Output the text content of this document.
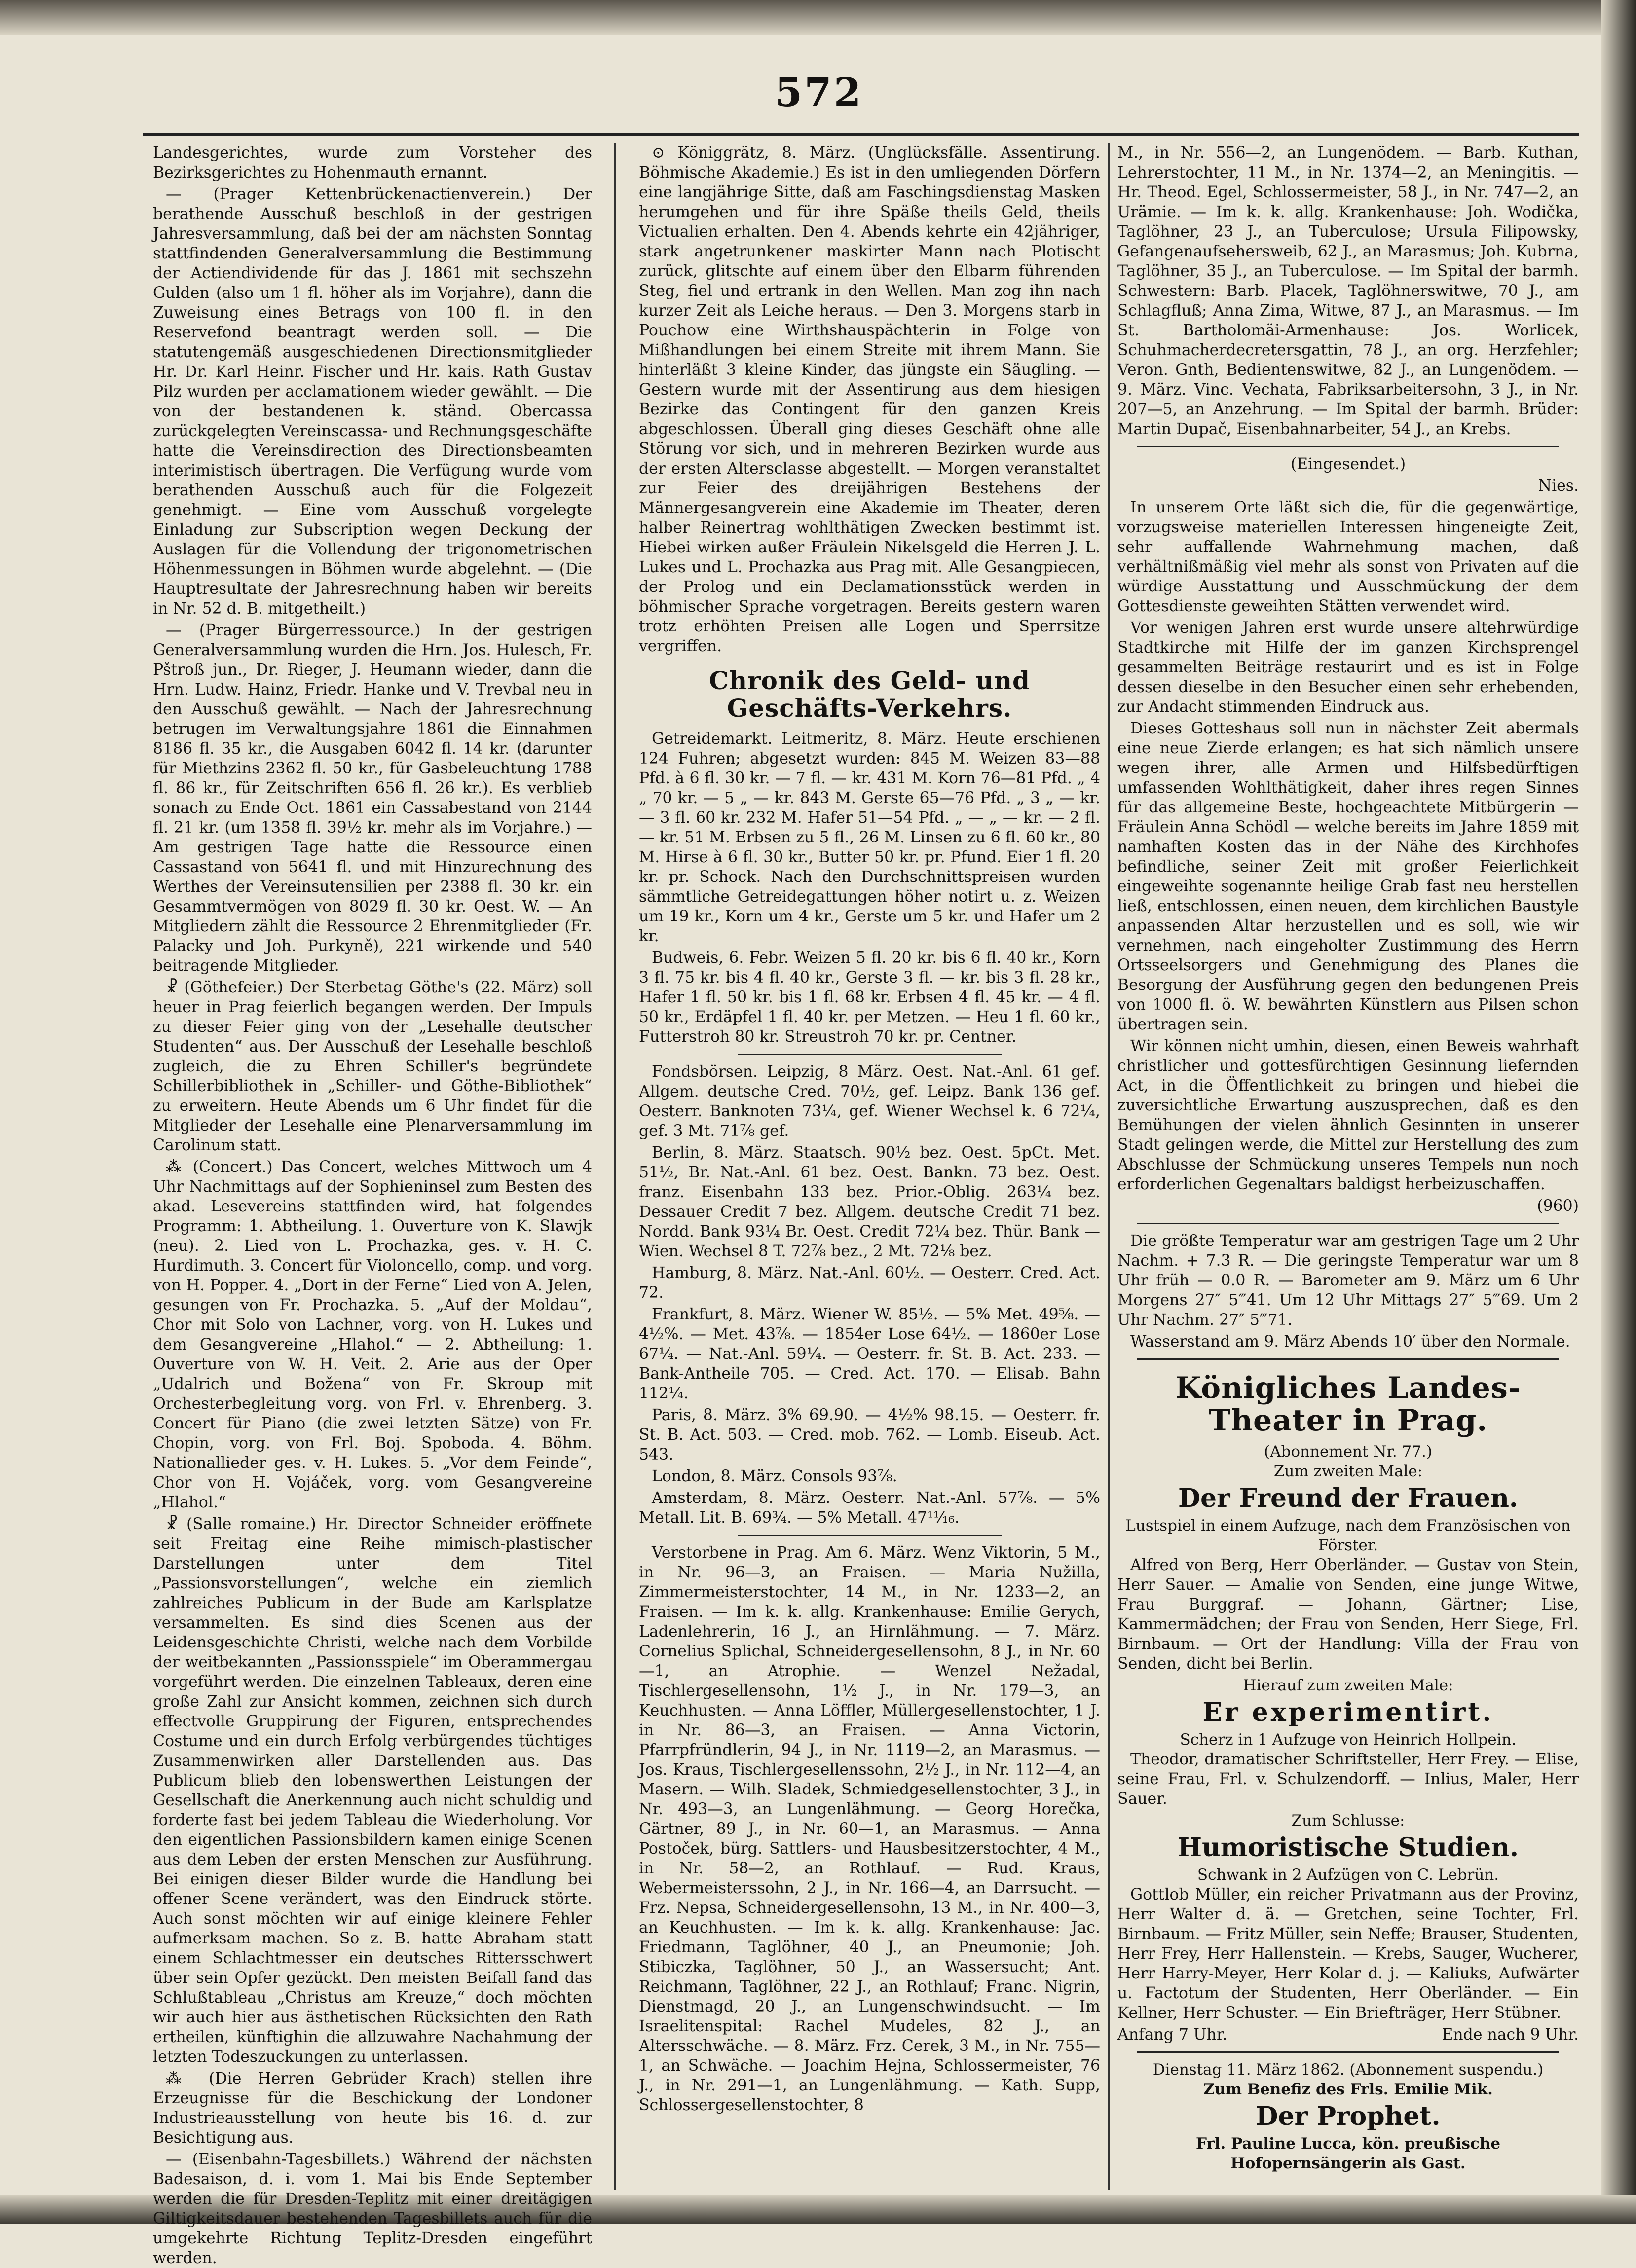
572

Landesgerichtes, wurde zum Vorsteher des Bezirksgerichtes zu Hohenmauth ernannt.

— (Prager Kettenbrückenactienverein.) Der berathende Ausschuß beschloß in der gestrigen Jahresversammlung, daß bei der am nächsten Sonntag stattfindenden Generalversammlung die Bestimmung der Actiendividende für das J. 1861 mit sechszehn Gulden (also um 1 fl. höher als im Vorjahre), dann die Zuweisung eines Betrags von 100 fl. in den Reservefond beantragt werden soll. — Die statutengemäß ausgeschiedenen Directionsmitglieder Hr. Dr. Karl Heinr. Fischer und Hr. kais. Rath Gustav Pilz wurden per acclamationem wieder gewählt. — Die von der bestandenen k. ständ. Obercassa zurückgelegten Vereinscassa- und Rechnungsgeschäfte hatte die Vereinsdirection des Directionsbeamten interimistisch übertragen. Die Verfügung wurde vom berathenden Ausschuß auch für die Folgezeit genehmigt. — Eine vom Ausschuß vorgelegte Einladung zur Subscription wegen Deckung der Auslagen für die Vollendung der trigonometrischen Höhenmessungen in Böhmen wurde abgelehnt. — (Die Hauptresultate der Jahresrechnung haben wir bereits in Nr. 52 d. B. mitgetheilt.)

— (Prager Bürgerressource.) In der gestrigen Generalversammlung wurden die Hrn. Jos. Hulesch, Fr. Pštroß jun., Dr. Rieger, J. Heumann wieder, dann die Hrn. Ludw. Hainz, Friedr. Hanke und V. Trevbal neu in den Ausschuß gewählt. — Nach der Jahresrechnung betrugen im Verwaltungsjahre 1861 die Einnahmen 8186 fl. 35 kr., die Ausgaben 6042 fl. 14 kr. (darunter für Miethzins 2362 fl. 50 kr., für Gasbeleuchtung 1788 fl. 86 kr., für Zeitschriften 656 fl. 26 kr.). Es verblieb sonach zu Ende Oct. 1861 ein Cassabestand von 2144 fl. 21 kr. (um 1358 fl. 39½ kr. mehr als im Vorjahre.) — Am gestrigen Tage hatte die Ressource einen Cassastand von 5641 fl. und mit Hinzurechnung des Werthes der Vereinsutensilien per 2388 fl. 30 kr. ein Gesammtvermögen von 8029 fl. 30 kr. Oest. W. — An Mitgliedern zählt die Ressource 2 Ehrenmitglieder (Fr. Palacky und Joh. Purkyně), 221 wirkende und 540 beitragende Mitglieder.

☧ (Göthefeier.) Der Sterbetag Göthe's (22. März) soll heuer in Prag feierlich begangen werden. Der Impuls zu dieser Feier ging von der „Lesehalle deutscher Studenten“ aus. Der Ausschuß der Lesehalle beschloß zugleich, die zu Ehren Schiller's begründete Schillerbibliothek in „Schiller- und Göthe-Bibliothek“ zu erweitern. Heute Abends um 6 Uhr findet für die Mitglieder der Lesehalle eine Plenarversammlung im Carolinum statt.

⁂ (Concert.) Das Concert, welches Mittwoch um 4 Uhr Nachmittags auf der Sophieninsel zum Besten des akad. Lesevereins stattfinden wird, hat folgendes Programm: 1. Abtheilung. 1. Ouverture von K. Slawjk (neu). 2. Lied von L. Prochazka, ges. v. H. C. Hurdimuth. 3. Concert für Violoncello, comp. und vorg. von H. Popper. 4. „Dort in der Ferne“ Lied von A. Jelen, gesungen von Fr. Prochazka. 5. „Auf der Moldau“, Chor mit Solo von Lachner, vorg. von H. Lukes und dem Gesangvereine „Hlahol.“ — 2. Abtheilung: 1. Ouverture von W. H. Veit. 2. Arie aus der Oper „Udalrich und Božena“ von Fr. Skroup mit Orchesterbegleitung vorg. von Frl. v. Ehrenberg. 3. Concert für Piano (die zwei letzten Sätze) von Fr. Chopin, vorg. von Frl. Boj. Spoboda. 4. Böhm. Nationallieder ges. v. H. Lukes. 5. „Vor dem Feinde“, Chor von H. Vojáček, vorg. vom Gesangvereine „Hlahol.“

☧ (Salle romaine.) Hr. Director Schneider eröffnete seit Freitag eine Reihe mimisch-plastischer Darstellungen unter dem Titel „Passionsvorstellungen“, welche ein ziemlich zahlreiches Publicum in der Bude am Karlsplatze versammelten. Es sind dies Scenen aus der Leidensgeschichte Christi, welche nach dem Vorbilde der weitbekannten „Passionsspiele“ im Oberammergau vorgeführt werden. Die einzelnen Tableaux, deren eine große Zahl zur Ansicht kommen, zeichnen sich durch effectvolle Gruppirung der Figuren, entsprechendes Costume und ein durch Erfolg verbürgendes tüchtiges Zusammenwirken aller Darstellenden aus. Das Publicum blieb den lobenswerthen Leistungen der Gesellschaft die Anerkennung auch nicht schuldig und forderte fast bei jedem Tableau die Wiederholung. Vor den eigentlichen Passionsbildern kamen einige Scenen aus dem Leben der ersten Menschen zur Ausführung. Bei einigen dieser Bilder wurde die Handlung bei offener Scene verändert, was den Eindruck störte. Auch sonst möchten wir auf einige kleinere Fehler aufmerksam machen. So z. B. hatte Abraham statt einem Schlachtmesser ein deutsches Rittersschwert über sein Opfer gezückt. Den meisten Beifall fand das Schlußtableau „Christus am Kreuze,“ doch möchten wir auch hier aus ästhetischen Rücksichten den Rath ertheilen, künftighin die allzuwahre Nachahmung der letzten Todeszuckungen zu unterlassen.

⁂ (Die Herren Gebrüder Krach) stellen ihre Erzeugnisse für die Beschickung der Londoner Industrieausstellung von heute bis 16. d. zur Besichtigung aus.

— (Eisenbahn-Tagesbillets.) Während der nächsten Badesaison, d. i. vom 1. Mai bis Ende September werden die für Dresden-Teplitz mit einer dreitägigen Giltigkeitsdauer bestehenden Tagesbillets auch für die umgekehrte Richtung Teplitz-Dresden eingeführt werden.

⊙ Königgrätz, 8. März. (Unglücksfälle. Assentirung. Böhmische Akademie.) Es ist in den umliegenden Dörfern eine langjährige Sitte, daß am Faschingsdienstag Masken herumgehen und für ihre Späße theils Geld, theils Victualien erhalten. Den 4. Abends kehrte ein 42jähriger, stark angetrunkener maskirter Mann nach Plotischt zurück, glitschte auf einem über den Elbarm führenden Steg, fiel und ertrank in den Wellen. Man zog ihn nach kurzer Zeit als Leiche heraus. — Den 3. Morgens starb in Pouchow eine Wirthshauspächterin in Folge von Mißhandlungen bei einem Streite mit ihrem Mann. Sie hinterläßt 3 kleine Kinder, das jüngste ein Säugling. — Gestern wurde mit der Assentirung aus dem hiesigen Bezirke das Contingent für den ganzen Kreis abgeschlossen. Überall ging dieses Geschäft ohne alle Störung vor sich, und in mehreren Bezirken wurde aus der ersten Altersclasse abgestellt. — Morgen veranstaltet zur Feier des dreijährigen Bestehens der Männergesangverein eine Akademie im Theater, deren halber Reinertrag wohlthätigen Zwecken bestimmt ist. Hiebei wirken außer Fräulein Nikelsgeld die Herren J. L. Lukes und L. Prochazka aus Prag mit. Alle Gesangpiecen, der Prolog und ein Declamationsstück werden in böhmischer Sprache vorgetragen. Bereits gestern waren trotz erhöhten Preisen alle Logen und Sperrsitze vergriffen.

Chronik des Geld- und Geschäfts-Verkehrs.

Getreidemarkt. Leitmeritz, 8. März. Heute erschienen 124 Fuhren; abgesetzt wurden: 845 M. Weizen 83—88 Pfd. à 6 fl. 30 kr. — 7 fl. — kr. 431 M. Korn 76—81 Pfd. „ 4 „ 70 kr. — 5 „ — kr. 843 M. Gerste 65—76 Pfd. „ 3 „ — kr. — 3 fl. 60 kr. 232 M. Hafer 51—54 Pfd. „ — „ — kr. — 2 fl. — kr. 51 M. Erbsen zu 5 fl., 26 M. Linsen zu 6 fl. 60 kr., 80 M. Hirse à 6 fl. 30 kr., Butter 50 kr. pr. Pfund. Eier 1 fl. 20 kr. pr. Schock. Nach den Durchschnittspreisen wurden sämmtliche Getreidegattungen höher notirt u. z. Weizen um 19 kr., Korn um 4 kr., Gerste um 5 kr. und Hafer um 2 kr.

Budweis, 6. Febr. Weizen 5 fl. 20 kr. bis 6 fl. 40 kr., Korn 3 fl. 75 kr. bis 4 fl. 40 kr., Gerste 3 fl. — kr. bis 3 fl. 28 kr., Hafer 1 fl. 50 kr. bis 1 fl. 68 kr. Erbsen 4 fl. 45 kr. — 4 fl. 50 kr., Erdäpfel 1 fl. 40 kr. per Metzen. — Heu 1 fl. 60 kr., Futterstroh 80 kr. Streustroh 70 kr. pr. Centner.

Fondsbörsen. Leipzig, 8 März. Oest. Nat.-Anl. 61 gef. Allgem. deutsche Cred. 70½, gef. Leipz. Bank 136 gef. Oesterr. Banknoten 73¼, gef. Wiener Wechsel k. 6 72¼, gef. 3 Mt. 71⅞ gef.

Berlin, 8. März. Staatsch. 90½ bez. Oest. 5pCt. Met. 51½, Br. Nat.-Anl. 61 bez. Oest. Bankn. 73 bez. Oest. franz. Eisenbahn 133 bez. Prior.-Oblig. 263¼ bez. Dessauer Credit 7 bez. Allgem. deutsche Credit 71 bez. Nordd. Bank 93¼ Br. Oest. Credit 72¼ bez. Thür. Bank — Wien. Wechsel 8 T. 72⅞ bez., 2 Mt. 72⅛ bez.

Hamburg, 8. März. Nat.-Anl. 60½. — Oesterr. Cred. Act. 72.

Frankfurt, 8. März. Wiener W. 85½. — 5% Met. 49⅝. — 4½%. — Met. 43⅞. — 1854er Lose 64½. — 1860er Lose 67¼. — Nat.-Anl. 59¼. — Oesterr. fr. St. B. Act. 233. — Bank-Antheile 705. — Cred. Act. 170. — Elisab. Bahn 112¼.

Paris, 8. März. 3% 69.90. — 4½% 98.15. — Oesterr. fr. St. B. Act. 503. — Cred. mob. 762. — Lomb. Eiseub. Act. 543.

London, 8. März. Consols 93⅞.

Amsterdam, 8. März. Oesterr. Nat.-Anl. 57⅞. — 5% Metall. Lit. B. 69¾. — 5% Metall. 47¹¹⁄₁₆.

Verstorbene in Prag. Am 6. März. Wenz Viktorin, 5 M., in Nr. 96—3, an Fraisen. — Maria Nužilla, Zimmermeisterstochter, 14 M., in Nr. 1233—2, an Fraisen. — Im k. k. allg. Krankenhause: Emilie Gerych, Ladenlehrerin, 16 J., an Hirnlähmung. — 7. März. Cornelius Splichal, Schneidergesellensohn, 8 J., in Nr. 60—1, an Atrophie. — Wenzel Nežadal, Tischlergesellensohn, 1½ J., in Nr. 179—3, an Keuchhusten. — Anna Löffler, Müllergesellenstochter, 1 J. in Nr. 86—3, an Fraisen. — Anna Victorin, Pfarrpfründlerin, 94 J., in Nr. 1119—2, an Marasmus. — Jos. Kraus, Tischlergesellenssohn, 2½ J., in Nr. 112—4, an Masern. — Wilh. Sladek, Schmiedgesellenstochter, 3 J., in Nr. 493—3, an Lungenlähmung. — Georg Horečka, Gärtner, 89 J., in Nr. 60—1, an Marasmus. — Anna Postoček, bürg. Sattlers- und Hausbesitzerstochter, 4 M., in Nr. 58—2, an Rothlauf. — Rud. Kraus, Webermeisterssohn, 2 J., in Nr. 166—4, an Darrsucht. — Frz. Nepsa, Schneidergesellensohn, 13 M., in Nr. 400—3, an Keuchhusten. — Im k. k. allg. Krankenhause: Jac. Friedmann, Taglöhner, 40 J., an Pneumonie; Joh. Stibiczka, Taglöhner, 50 J., an Wassersucht; Ant. Reichmann, Taglöhner, 22 J., an Rothlauf; Franc. Nigrin, Dienstmagd, 20 J., an Lungenschwindsucht. — Im Israelitenspital: Rachel Mudeles, 82 J., an Altersschwäche. — 8. März. Frz. Cerek, 3 M., in Nr. 755—1, an Schwäche. — Joachim Hejna, Schlossermeister, 76 J., in Nr. 291—1, an Lungenlähmung. — Kath. Supp, Schlossergesellenstochter, 8

M., in Nr. 556—2, an Lungenödem. — Barb. Kuthan, Lehrerstochter, 11 M., in Nr. 1374—2, an Meningitis. — Hr. Theod. Egel, Schlossermeister, 58 J., in Nr. 747—2, an Urämie. — Im k. k. allg. Krankenhause: Joh. Wodička, Taglöhner, 23 J., an Tuberculose; Ursula Filipowsky, Gefangenaufsehersweib, 62 J., an Marasmus; Joh. Kubrna, Taglöhner, 35 J., an Tuberculose. — Im Spital der barmh. Schwestern: Barb. Placek, Taglöhnerswitwe, 70 J., am Schlagfluß; Anna Zima, Witwe, 87 J., an Marasmus. — Im St. Bartholomäi-Armenhause: Jos. Worlicek, Schuhmacherdecretersgattin, 78 J., an org. Herzfehler; Veron. Gnth, Bedientenswitwe, 82 J., an Lungenödem. — 9. März. Vinc. Vechata, Fabriksarbeitersohn, 3 J., in Nr. 207—5, an Anzehrung. — Im Spital der barmh. Brüder: Martin Dupač, Eisenbahnarbeiter, 54 J., an Krebs.

(Eingesendet.)

Nies.

In unserem Orte läßt sich die, für die gegenwärtige, vorzugsweise materiellen Interessen hingeneigte Zeit, sehr auffallende Wahrnehmung machen, daß verhältnißmäßig viel mehr als sonst von Privaten auf die würdige Ausstattung und Ausschmückung der dem Gottesdienste geweihten Stätten verwendet wird.

Vor wenigen Jahren erst wurde unsere altehrwürdige Stadtkirche mit Hilfe der im ganzen Kirchsprengel gesammelten Beiträge restaurirt und es ist in Folge dessen dieselbe in den Besucher einen sehr erhebenden, zur Andacht stimmenden Eindruck aus.

Dieses Gotteshaus soll nun in nächster Zeit abermals eine neue Zierde erlangen; es hat sich nämlich unsere wegen ihrer, alle Armen und Hilfsbedürftigen umfassenden Wohlthätigkeit, daher ihres regen Sinnes für das allgemeine Beste, hochgeachtete Mitbürgerin — Fräulein Anna Schödl — welche bereits im Jahre 1859 mit namhaften Kosten das in der Nähe des Kirchhofes befindliche, seiner Zeit mit großer Feierlichkeit eingeweihte sogenannte heilige Grab fast neu herstellen ließ, entschlossen, einen neuen, dem kirchlichen Baustyle anpassenden Altar herzustellen und es soll, wie wir vernehmen, nach eingeholter Zustimmung des Herrn Ortsseelsorgers und Genehmigung des Planes die Besorgung der Ausführung gegen den bedungenen Preis von 1000 fl. ö. W. bewährten Künstlern aus Pilsen schon übertragen sein.

Wir können nicht umhin, diesen, einen Beweis wahrhaft christlicher und gottesfürchtigen Gesinnung liefernden Act, in die Öffentlichkeit zu bringen und hiebei die zuversichtliche Erwartung auszusprechen, daß es den Bemühungen der vielen ähnlich Gesinnten in unserer Stadt gelingen werde, die Mittel zur Herstellung des zum Abschlusse der Schmückung unseres Tempels nun noch erforderlichen Gegenaltars baldigst herbeizuschaffen.

(960)

Die größte Temperatur war am gestrigen Tage um 2 Uhr Nachm. + 7.3 R. — Die geringste Temperatur war um 8 Uhr früh — 0.0 R. — Barometer am 9. März um 6 Uhr Morgens 27″ 5‴41. Um 12 Uhr Mittags 27″ 5‴69. Um 2 Uhr Nachm. 27″ 5‴71.

Wasserstand am 9. März Abends 10′ über den Normale.

Königliches Landes-Theater in Prag.
(Abonnement Nr. 77.)
Zum zweiten Male:
Der Freund der Frauen.
Lustspiel in einem Aufzuge, nach dem Französischen von Förster.

Alfred von Berg, Herr Oberländer. — Gustav von Stein, Herr Sauer. — Amalie von Senden, eine junge Witwe, Frau Burggraf. — Johann, Gärtner; Lise, Kammermädchen; der Frau von Senden, Herr Siege, Frl. Birnbaum. — Ort der Handlung: Villa der Frau von Senden, dicht bei Berlin.

Hierauf zum zweiten Male:
Er experimentirt.
Scherz in 1 Aufzuge von Heinrich Hollpein.

Theodor, dramatischer Schriftsteller, Herr Frey. — Elise, seine Frau, Frl. v. Schulzendorff. — Inlius, Maler, Herr Sauer.

Zum Schlusse:
Humoristische Studien.
Schwank in 2 Aufzügen von C. Lebrün.

Gottlob Müller, ein reicher Privatmann aus der Provinz, Herr Walter d. ä. — Gretchen, seine Tochter, Frl. Birnbaum. — Fritz Müller, sein Neffe; Brauser, Studenten, Herr Frey, Herr Hallenstein. — Krebs, Sauger, Wucherer, Herr Harry-Meyer, Herr Kolar d. j. — Kaliuks, Aufwärter u. Factotum der Studenten, Herr Oberländer. — Ein Kellner, Herr Schuster. — Ein Briefträger, Herr Stübner.

Anfang 7 Uhr.	Ende nach 9 Uhr.
Dienstag 11. März 1862. (Abonnement suspendu.)
Zum Benefiz des Frls. Emilie Mik.
Der Prophet.
Frl. Pauline Lucca, kön. preußische Hofopernsängerin als Gast.
